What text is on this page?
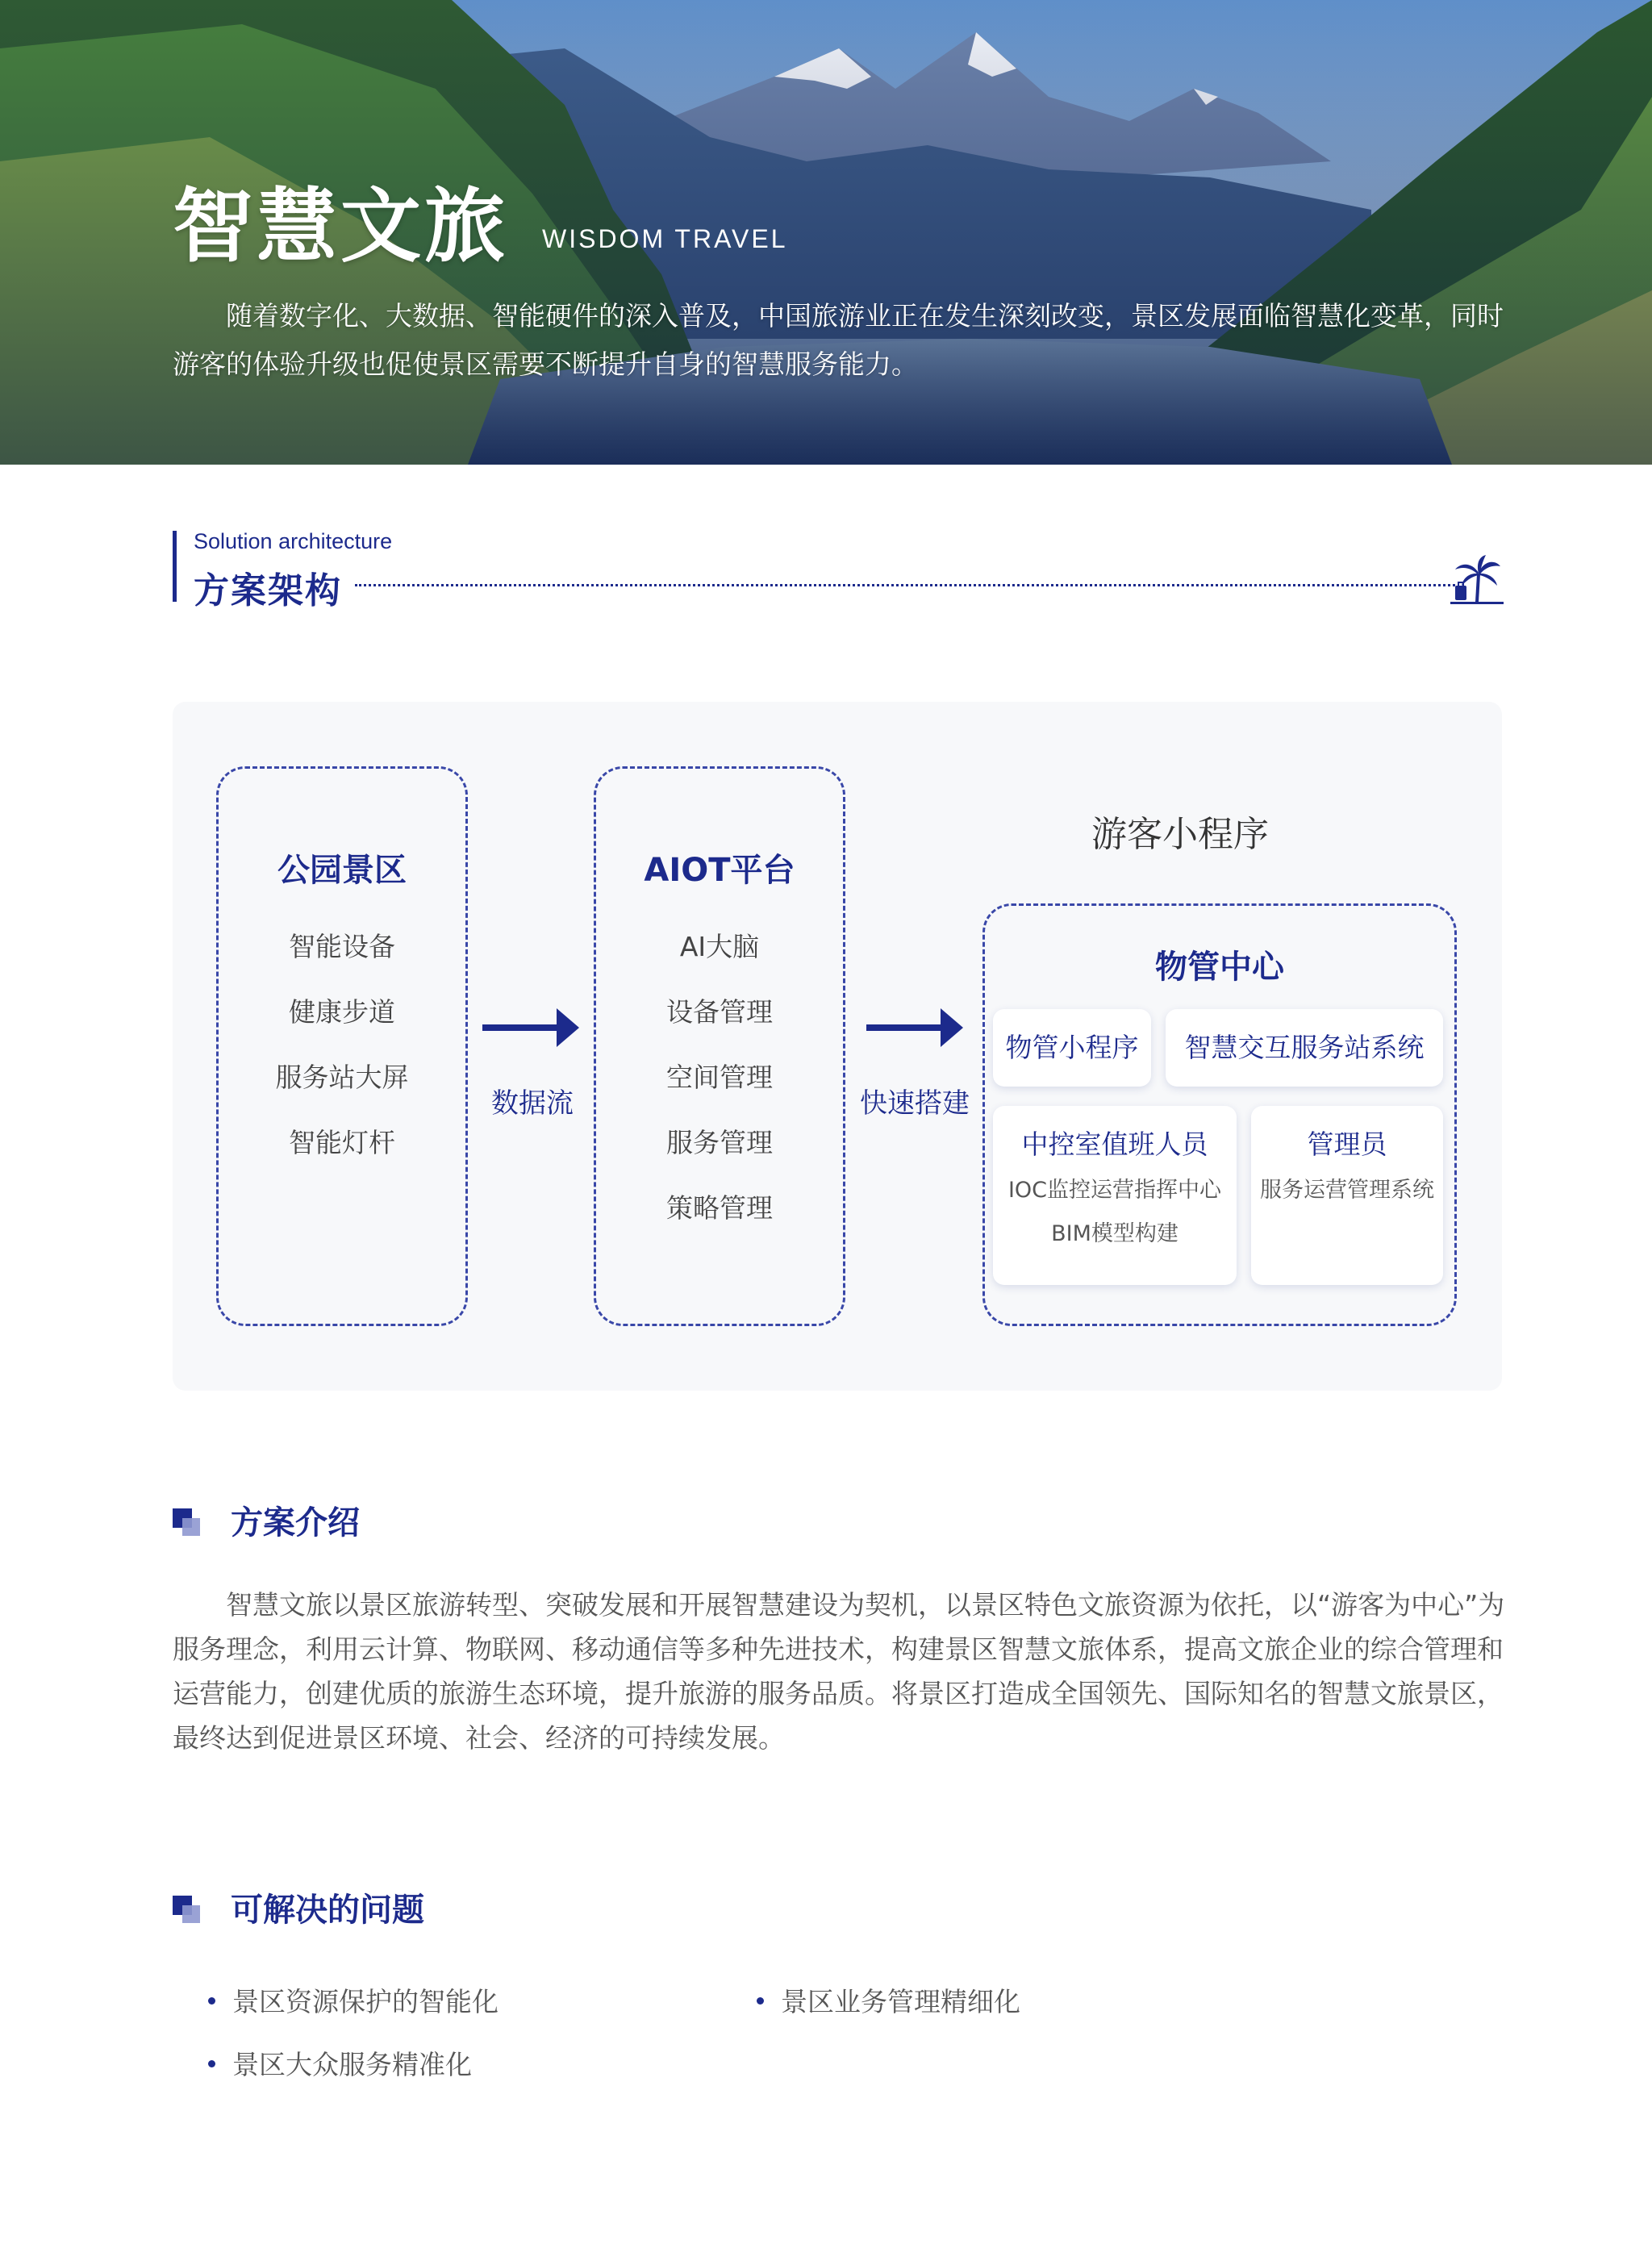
智慧文旅 WISDOM TRAVEL
随着数字化、大数据、智能硬件的深入普及，中国旅游业正在发生深刻改变，景区发展面临智慧化变革，同时游客的体验升级也促使景区需要不断提升自身的智慧服务能力。
Solution architecture
方案架构
公园景区
智能设备
健康步道
服务站大屏
智能灯杆
数据流
AIOT平台
AI大脑
设备管理
空间管理
服务管理
策略管理
快速搭建
游客小程序
物管中心
物管小程序	智慧交互服务站系统
中控室值班人员
IOC监控运营指挥中心
BIM模型构建
管理员
服务运营管理系统
方案介绍
智慧文旅以景区旅游转型、突破发展和开展智慧建设为契机，以景区特色文旅资源为依托，以“游客为中心”为服务理念，利用云计算、物联网、移动通信等多种先进技术，构建景区智慧文旅体系，提高文旅企业的综合管理和运营能力，创建优质的旅游生态环境，提升旅游的服务品质。将景区打造成全国领先、国际知名的智慧文旅景区，最终达到促进景区环境、社会、经济的可持续发展。
可解决的问题
景区资源保护的智能化	景区业务管理精细化
景区大众服务精准化
